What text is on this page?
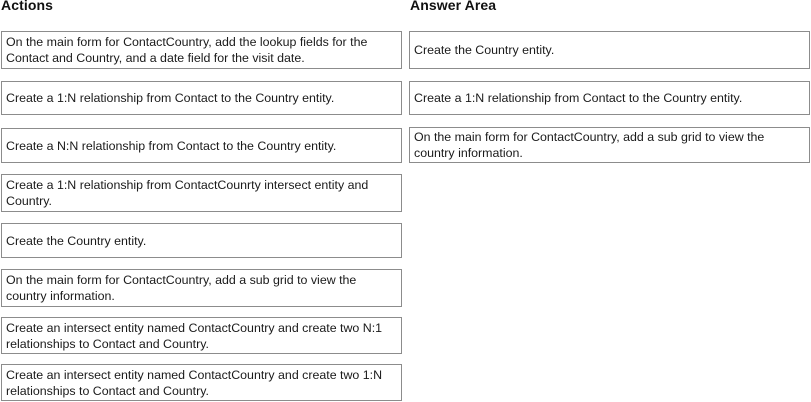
Actions	Answer Area
On the main form for ContactCountry, add the lookup fields for the Contact and Country, and a date field for the visit date.
Create a 1:N relationship from Contact to the Country entity.
Create a N:N relationship from Contact to the Country entity.
Create a 1:N relationship from ContactCounrty intersect entity and Country.
Create the Country entity.
On the main form for ContactCountry, add a sub grid to view the country information.
Create an intersect entity named ContactCountry and create two N:1 relationships to Contact and Country.
Create an intersect entity named ContactCountry and create two 1:N relationships to Contact and Country.
Create the Country entity.
Create a 1:N relationship from Contact to the Country entity.
On the main form for ContactCountry, add a sub grid to view the country information.
